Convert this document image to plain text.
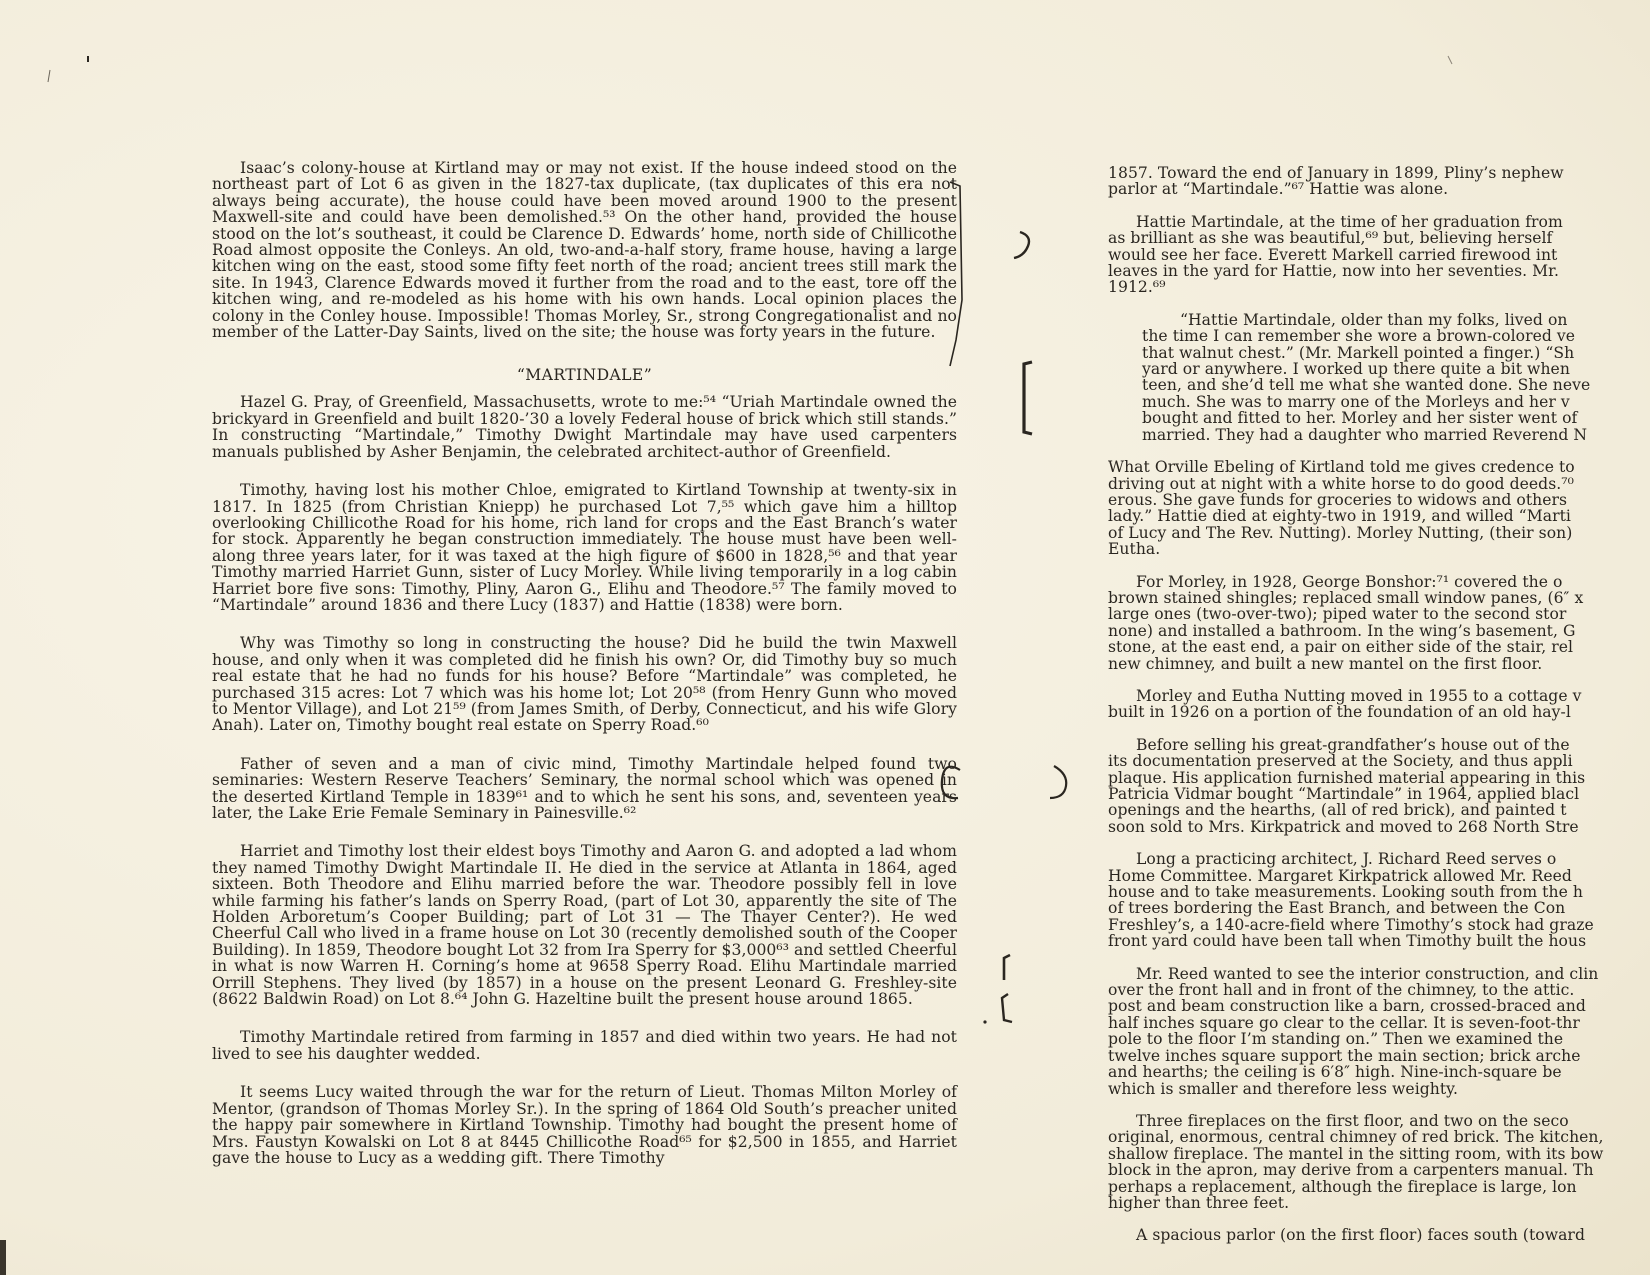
Isaac’s colony-house at Kirtland may or may not exist. If the house indeed stood on the northeast part of Lot 6 as given in the 1827-tax duplicate, (tax duplicates of this era not always being accurate), the house could have been moved around 1900 to the present Maxwell-site and could have been demolished.⁵³ On the other hand, provided the house stood on the lot’s southeast, it could be Clarence D. Edwards’ home, north side of Chillicothe Road almost opposite the Conleys. An old, two-and-a-half story, frame house, having a large kitchen wing on the east, stood some fifty feet north of the road; ancient trees still mark the site. In 1943, Clarence Edwards moved it further from the road and to the east, tore off the kitchen wing, and re-modeled as his home with his own hands. Local opinion places the colony in the Conley house. Impossible! Thomas Morley, Sr., strong Congregationalist and no member of the Latter-Day Saints, lived on the site; the house was forty years in the future.

“MARTINDALE”

Hazel G. Pray, of Greenfield, Massachusetts, wrote to me:⁵⁴ “Uriah Martindale owned the brickyard in Greenfield and built 1820-’30 a lovely Federal house of brick which still stands.” In constructing “Martindale,” Timothy Dwight Martindale may have used carpenters manuals published by Asher Benjamin, the celebrated architect-author of Greenfield.

Timothy, having lost his mother Chloe, emigrated to Kirtland Township at twenty-six in 1817. In 1825 (from Christian Kniepp) he purchased Lot 7,⁵⁵ which gave him a hilltop overlooking Chillicothe Road for his home, rich land for crops and the East Branch’s water for stock. Apparently he began construction immediately. The house must have been well-along three years later, for it was taxed at the high figure of $600 in 1828,⁵⁶ and that year Timothy married Harriet Gunn, sister of Lucy Morley. While living temporarily in a log cabin Harriet bore five sons: Timothy, Pliny, Aaron G., Elihu and Theodore.⁵⁷ The family moved to “Martindale” around 1836 and there Lucy (1837) and Hattie (1838) were born.

Why was Timothy so long in constructing the house? Did he build the twin Maxwell house, and only when it was completed did he finish his own? Or, did Timothy buy so much real estate that he had no funds for his house? Before “Martindale” was completed, he purchased 315 acres: Lot 7 which was his home lot; Lot 20⁵⁸ (from Henry Gunn who moved to Mentor Village), and Lot 21⁵⁹ (from James Smith, of Derby, Connecticut, and his wife Glory Anah). Later on, Timothy bought real estate on Sperry Road.⁶⁰

Father of seven and a man of civic mind, Timothy Martindale helped found two seminaries: Western Reserve Teachers’ Seminary, the normal school which was opened in the deserted Kirtland Temple in 1839⁶¹ and to which he sent his sons, and, seventeen years later, the Lake Erie Female Seminary in Painesville.⁶²

Harriet and Timothy lost their eldest boys Timothy and Aaron G. and adopted a lad whom they named Timothy Dwight Martindale II. He died in the service at Atlanta in 1864, aged sixteen. Both Theodore and Elihu married before the war. Theodore possibly fell in love while farming his father’s lands on Sperry Road, (part of Lot 30, apparently the site of The Holden Arboretum’s Cooper Building; part of Lot 31 — The Thayer Center?). He wed Cheerful Call who lived in a frame house on Lot 30 (recently demolished south of the Cooper Building). In 1859, Theodore bought Lot 32 from Ira Sperry for $3,000⁶³ and settled Cheerful in what is now Warren H. Corning’s home at 9658 Sperry Road. Elihu Martindale married Orrill Stephens. They lived (by 1857) in a house on the present Leonard G. Freshley-site (8622 Baldwin Road) on Lot 8.⁶⁴ John G. Hazeltine built the present house around 1865.

Timothy Martindale retired from farming in 1857 and died within two years. He had not lived to see his daughter wedded.

It seems Lucy waited through the war for the return of Lieut. Thomas Milton Morley of Mentor, (grandson of Thomas Morley Sr.). In the spring of 1864 Old South’s preacher united the happy pair somewhere in Kirtland Township. Timothy had bought the present home of Mrs. Faustyn Kowalski on Lot 8 at 8445 Chillicothe Road⁶⁵ for $2,500 in 1855, and Harriet gave the house to Lucy as a wedding gift. There Timothy

1857. Toward the end of January in 1899, Pliny’s nephew

parlor at “Martindale.”⁶⁷ Hattie was alone.

Hattie Martindale, at the time of her graduation from

as brilliant as she was beautiful,⁶⁹ but, believing herself

would see her face. Everett Markell carried firewood int

leaves in the yard for Hattie, now into her seventies. Mr.

1912.⁶⁹

“Hattie Martindale, older than my folks, lived on

the time I can remember she wore a brown-colored ve

that walnut chest.” (Mr. Markell pointed a finger.) “Sh

yard or anywhere. I worked up there quite a bit when

teen, and she’d tell me what she wanted done. She neve

much. She was to marry one of the Morleys and her v

bought and fitted to her. Morley and her sister went of

married. They had a daughter who married Reverend N

What Orville Ebeling of Kirtland told me gives credence to

driving out at night with a white horse to do good deeds.⁷⁰

erous. She gave funds for groceries to widows and others

lady.” Hattie died at eighty-two in 1919, and willed “Marti

of Lucy and The Rev. Nutting). Morley Nutting, (their son)

Eutha.

For Morley, in 1928, George Bonshor:⁷¹ covered the o

brown stained shingles; replaced small window panes, (6″ x

large ones (two-over-two); piped water to the second stor

none) and installed a bathroom. In the wing’s basement, G

stone, at the east end, a pair on either side of the stair, rel

new chimney, and built a new mantel on the first floor.

Morley and Eutha Nutting moved in 1955 to a cottage v

built in 1926 on a portion of the foundation of an old hay-l

Before selling his great-grandfather’s house out of the

its documentation preserved at the Society, and thus appli

plaque. His application furnished material appearing in this

Patricia Vidmar bought “Martindale” in 1964, applied blacl

openings and the hearths, (all of red brick), and painted t

soon sold to Mrs. Kirkpatrick and moved to 268 North Stre

Long a practicing architect, J. Richard Reed serves o

Home Committee. Margaret Kirkpatrick allowed Mr. Reed

house and to take measurements. Looking south from the h

of trees bordering the East Branch, and between the Con

Freshley’s, a 140-acre-field where Timothy’s stock had graze

front yard could have been tall when Timothy built the hous

Mr. Reed wanted to see the interior construction, and clin

over the front hall and in front of the chimney, to the attic.

post and beam construction like a barn, crossed-braced and

half inches square go clear to the cellar. It is seven-foot-thr

pole to the floor I’m standing on.” Then we examined the

twelve inches square support the main section; brick arche

and hearths; the ceiling is 6′8″ high. Nine-inch-square be

which is smaller and therefore less weighty.

Three fireplaces on the first floor, and two on the seco

original, enormous, central chimney of red brick. The kitchen,

shallow fireplace. The mantel in the sitting room, with its bow

block in the apron, may derive from a carpenters manual. Th

perhaps a replacement, although the fireplace is large, lon

higher than three feet.

A spacious parlor (on the first floor) faces south (toward
